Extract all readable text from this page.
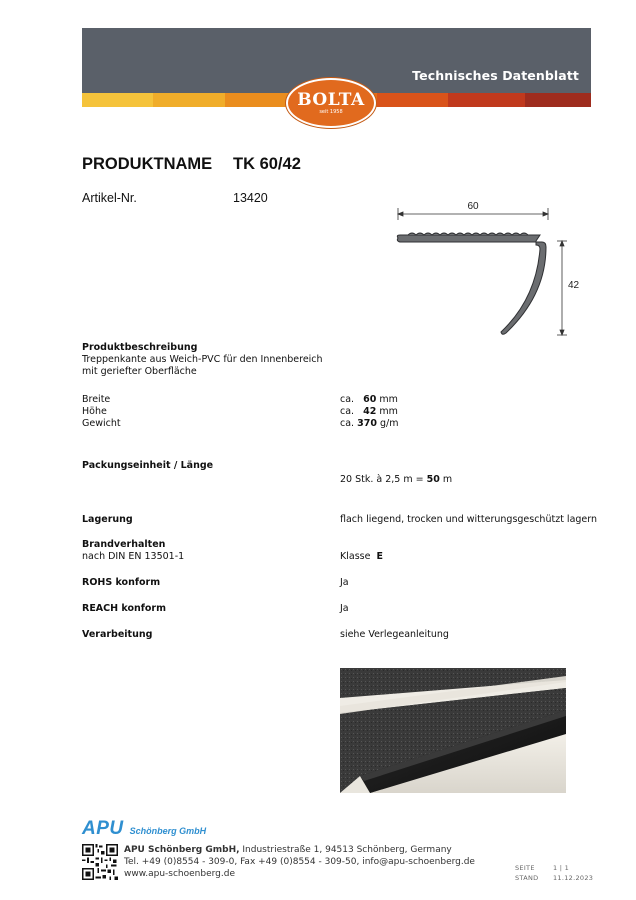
Technisches Datenblatt
BOLTA
seit 1958
PRODUKTNAME TK 60/42
Artikel-Nr.	13420
60
42
Produktbeschreibung
Treppenkante aus Weich-PVC für den Innenbereich
mit geriefter Oberfläche
Breite	ca. 60 mm
Höhe	ca. 42 mm
Gewicht	ca. 370 g/m
Packungseinheit / Länge
20 Stk. à 2,5 m = 50 m
Lagerung	flach liegend, trocken und witterungsgeschützt lagern
Brandverhalten
nach DIN EN 13501-1	Klasse E
ROHS konform	Ja
REACH konform	Ja
Verarbeitung	siehe Verlegeanleitung
APU Schönberg GmbH
APU Schönberg GmbH, Industriestraße 1, 94513 Schönberg, Germany
Tel. +49 (0)8554 - 309-0, Fax +49 (0)8554 - 309-50, info@apu-schoenberg.de
www.apu-schoenberg.de
SEITE	1 | 1
STAND 11.12.2023
